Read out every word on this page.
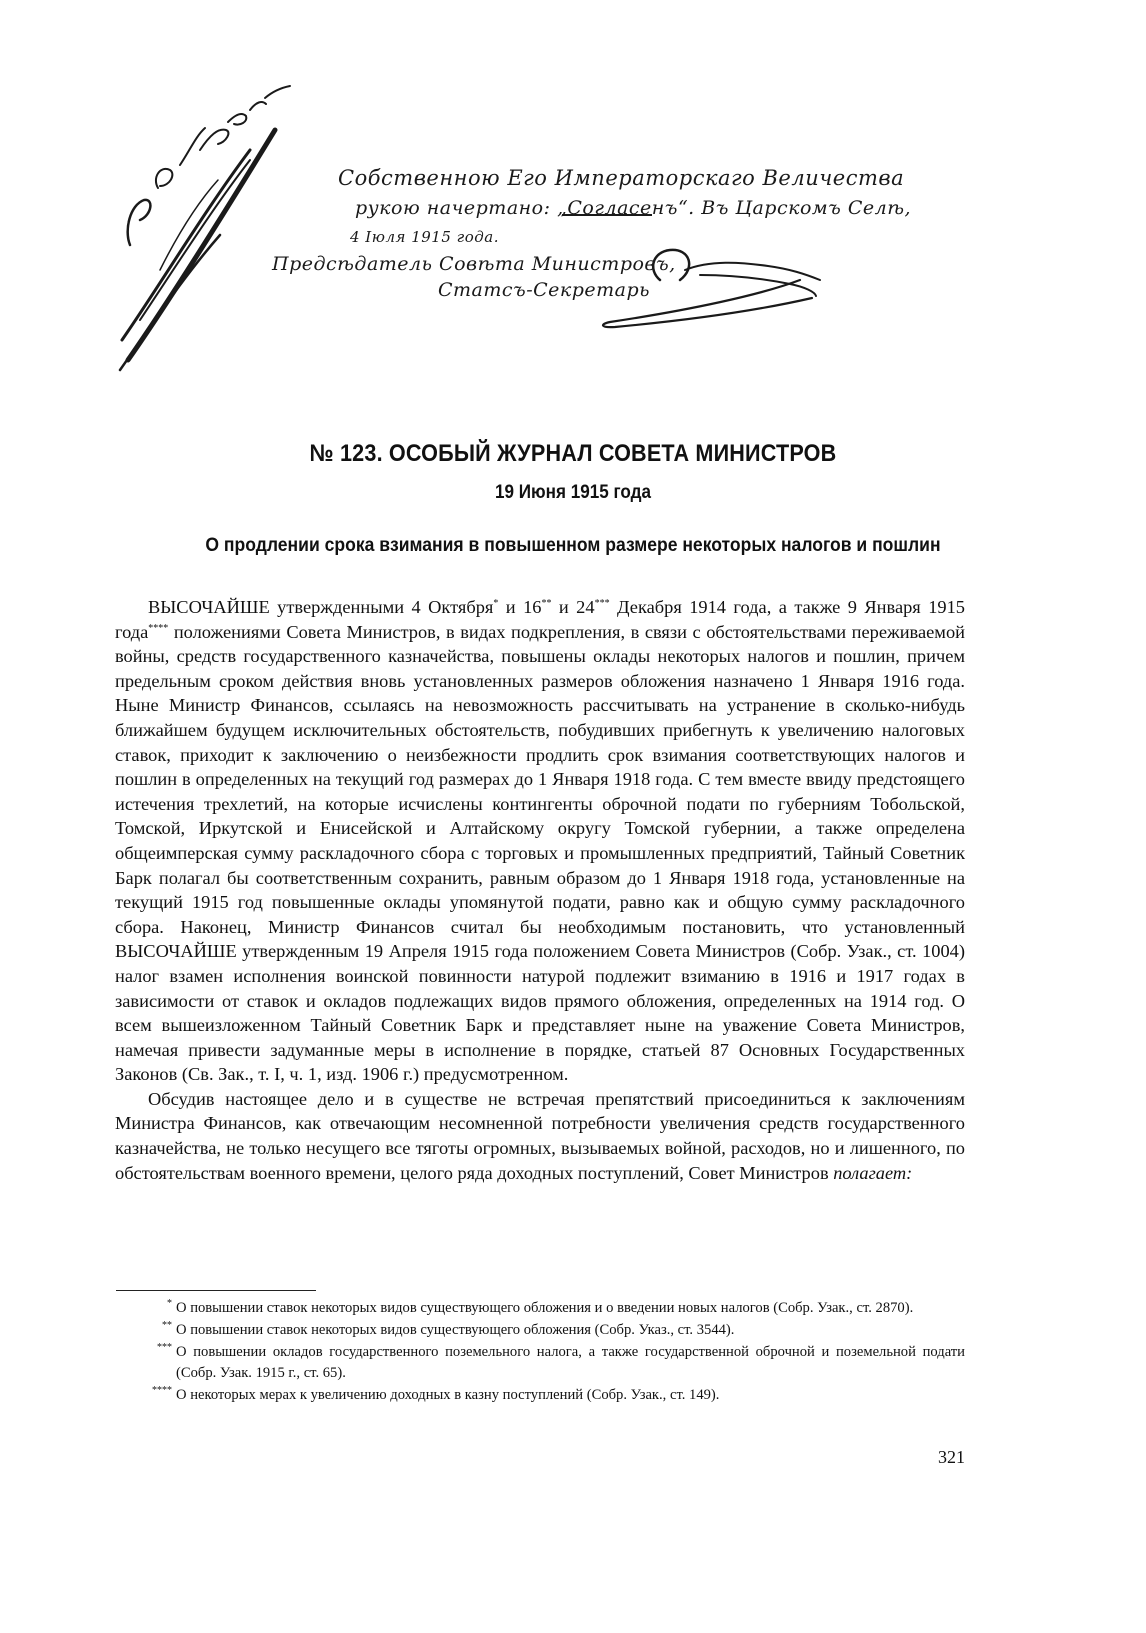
Собственною Его Императорскаго Величества
рукою начертано: „Согласенъ“. Въ Царскомъ Селѣ,
4 Іюля 1915 года.
Предсѣдатель Совѣта Министровъ,
Статсъ-Секретарь
№ 123. ОСОБЫЙ ЖУРНАЛ СОВЕТА МИНИСТРОВ
19 Июня 1915 года
О продлении срока взимания в повышенном размере некоторых налогов и пошлин

ВЫСОЧАЙШЕ утвержденными 4 Октября* и 16** и 24*** Декабря 1914 года, а также 9 Января 1915 года**** положениями Совета Министров, в видах подкрепления, в связи с обстоятельствами переживаемой войны, средств государственного казначейства, повышены оклады некоторых налогов и пошлин, причем предельным сроком действия вновь установленных размеров обложения назначено 1 Января 1916 года. Ныне Министр Финансов, ссылаясь на невозможность рассчитывать на устранение в сколько-нибудь ближайшем будущем исключительных обстоятельств, побудивших прибегнуть к увеличению налоговых ставок, приходит к заключению о неизбежности продлить срок взимания соответствующих налогов и пошлин в определенных на текущий год размерах до 1 Января 1918 года. С тем вместе ввиду предстоящего истечения трехлетий, на которые исчислены контингенты оброчной подати по губерниям Тобольской, Томской, Иркутской и Енисейской и Алтайскому округу Томской губернии, а также определена общеимперская сумму раскладочного сбора с торговых и промышленных предприятий, Тайный Советник Барк полагал бы соответственным сохранить, равным образом до 1 Января 1918 года, установленные на текущий 1915 год повышенные оклады упомянутой подати, равно как и общую сумму раскладочного сбора. Наконец, Министр Финансов считал бы необходимым постановить, что установленный ВЫСОЧАЙШЕ утвержденным 19 Апреля 1915 года положением Совета Министров (Собр. Узак., ст. 1004) налог взамен исполнения воинской повинности натурой подлежит взиманию в 1916 и 1917 годах в зависимости от ставок и окладов подлежащих видов прямого обложения, определенных на 1914 год. О всем вышеизложенном Тайный Советник Барк и представляет ныне на уважение Совета Министров, намечая привести задуманные меры в исполнение в порядке, статьей 87 Основных Государственных Законов (Св. Зак., т. I, ч. 1, изд. 1906 г.) предусмотренном.

Обсудив настоящее дело и в существе не встречая препятствий присоединиться к заключениям Министра Финансов, как отвечающим несомненной потребности увеличения средств государственного казначейства, не только несущего все тяготы огромных, вызываемых войной, расходов, но и лишенного, по обстоятельствам военного времени, целого ряда доходных поступлений, Совет Министров полагает:

* О повышении ставок некоторых видов существующего обложения и о введении новых налогов (Собр. Узак., ст. 2870).

** О повышении ставок некоторых видов существующего обложения (Собр. Указ., ст. 3544).

*** О повышении окладов государственного поземельного налога, а также государственной оброчной и поземельной подати (Собр. Узак. 1915 г., ст. 65).

**** О некоторых мерах к увеличению доходных в казну поступлений (Собр. Узак., ст. 149).

321
